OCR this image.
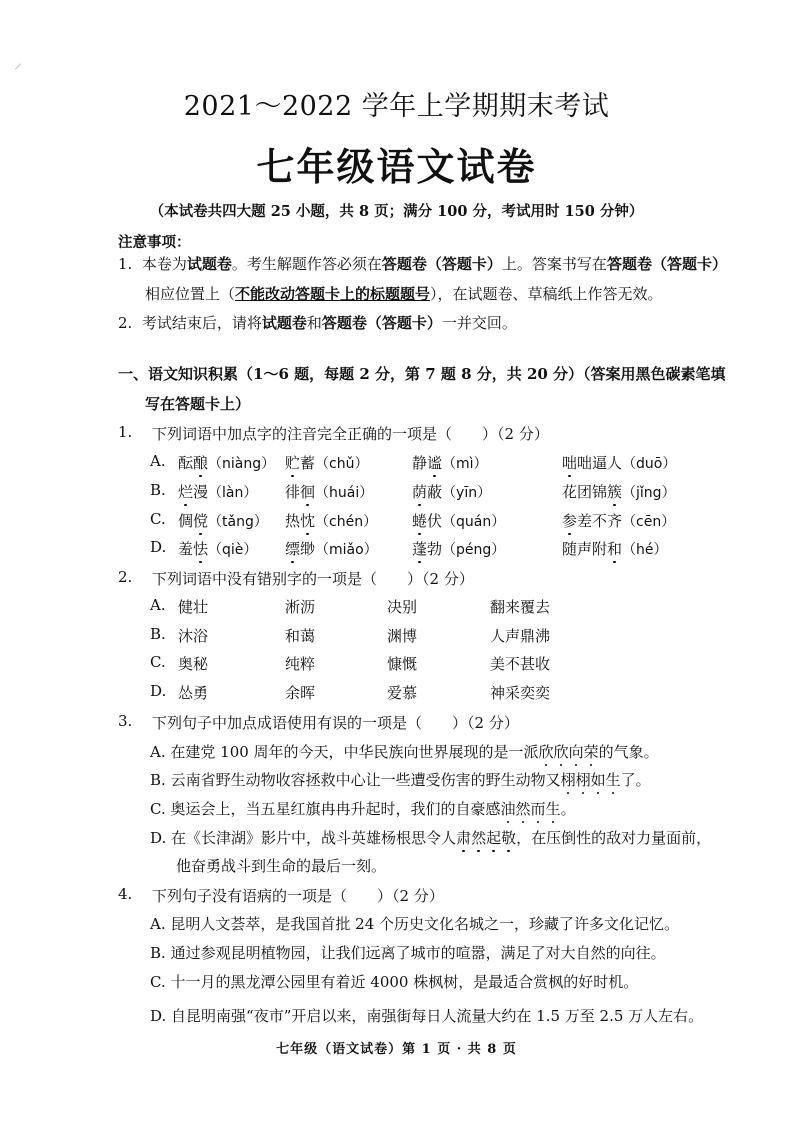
2021～2022 学年上学期期末考试
七年级语文试卷
（本试卷共四大题 25 小题，共 8 页；满分 100 分，考试用时 150 分钟）
注意事项：
1. 本卷为试题卷。考生解题作答必须在答题卷（答题卡）上。答案书写在答题卷（答题卡）
相应位置上（不能改动答题卡上的标题题号），在试题卷、草稿纸上作答无效。
2. 考试结束后，请将试题卷和答题卷（答题卡）一并交回。
一、语文知识积累（1～6 题，每题 2 分，第 7 题 8 分，共 20 分）（答案用黑色碳素笔填
写在答题卡上）
1. 下列词语中加点字的注音完全正确的一项是（　　）（2 分）
A. 酝酿（niàng） 贮蓄（chǔ）	静谧（mì）	咄咄逼人（duō）
B. 烂漫（làn） 徘徊（huái）	荫蔽（yīn）	花团锦簇（jǐng）
C. 倜傥（tǎng） 热忱（chén） 蜷伏（quán）	参差不齐（cēn）
D. 羞怯（qiè） 缥缈（miǎo） 蓬勃（péng）	随声附和（hé）
2. 下列词语中没有错别字的一项是（　　）（2 分）
A. 健壮	淅沥	决别	翻来覆去
B. 沐浴	和蔼	渊博	人声鼎沸
C. 奥秘	纯粹	慷慨	美不甚收
D. 怂勇	余晖	爱慕	神采奕奕
3. 下列句子中加点成语使用有误的一项是（　　）（2 分）
A. 在建党 100 周年的今天，中华民族向世界展现的是一派欣欣向荣的气象。
B. 云南省野生动物收容拯救中心让一些遭受伤害的野生动物又栩栩如生了。
C. 奥运会上，当五星红旗冉冉升起时，我们的自豪感油然而生。
D. 在《长津湖》影片中，战斗英雄杨根思令人肃然起敬，在压倒性的敌对力量面前，
他奋勇战斗到生命的最后一刻。
4. 下列句子没有语病的一项是（　　）（2 分）
A. 昆明人文荟萃，是我国首批 24 个历史文化名城之一，珍藏了许多文化记忆。
B. 通过参观昆明植物园，让我们远离了城市的喧嚣，满足了对大自然的向往。
C. 十一月的黑龙潭公园里有着近 4000 株枫树，是最适合赏枫的好时机。
D. 自昆明南强“夜市”开启以来，南强街每日人流量大约在 1.5 万至 2.5 万人左右。
七年级（语文试卷）第 1 页 · 共 8 页
